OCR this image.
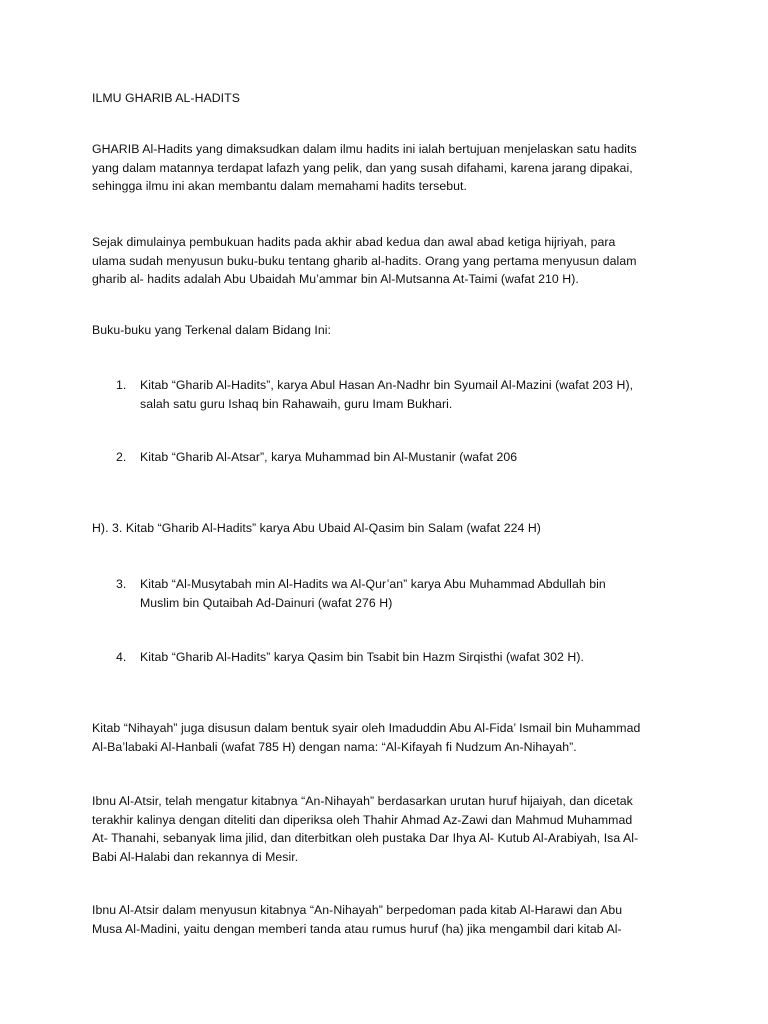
ILMU GHARIB AL-HADITS

GHARIB Al-Hadits yang dimaksudkan dalam ilmu hadits ini ialah bertujuan menjelaskan satu hadits
yang dalam matannya terdapat lafazh yang pelik, dan yang susah difahami, karena jarang dipakai,
sehingga ilmu ini akan membantu dalam memahami hadits tersebut.

Sejak dimulainya pembukuan hadits pada akhir abad kedua dan awal abad ketiga hijriyah, para
ulama sudah menyusun buku-buku tentang gharib al-hadits. Orang yang pertama menyusun dalam
gharib al- hadits adalah Abu Ubaidah Mu’ammar bin Al-Mutsanna At-Taimi (wafat 210 H).

Buku-buku yang Terkenal dalam Bidang Ini:

1. Kitab “Gharib Al-Hadits”, karya Abul Hasan An-Nadhr bin Syumail Al-Mazini (wafat 203 H),
salah satu guru Ishaq bin Rahawaih, guru Imam Bukhari.

2. Kitab “Gharib Al-Atsar”, karya Muhammad bin Al-Mustanir (wafat 206

H). 3. Kitab “Gharib Al-Hadits” karya Abu Ubaid Al-Qasim bin Salam (wafat 224 H)

3. Kitab “Al-Musytabah min Al-Hadits wa Al-Qur’an” karya Abu Muhammad Abdullah bin
Muslim bin Qutaibah Ad-Dainuri (wafat 276 H)

4. Kitab “Gharib Al-Hadits” karya Qasim bin Tsabit bin Hazm Sirqisthi (wafat 302 H).

Kitab “Nihayah” juga disusun dalam bentuk syair oleh Imaduddin Abu Al-Fida’ Ismail bin Muhammad
Al-Ba’labaki Al-Hanbali (wafat 785 H) dengan nama: “Al-Kifayah fi Nudzum An-Nihayah”.

Ibnu Al-Atsir, telah mengatur kitabnya “An-Nihayah” berdasarkan urutan huruf hijaiyah, dan dicetak
terakhir kalinya dengan diteliti dan diperiksa oleh Thahir Ahmad Az-Zawi dan Mahmud Muhammad
At- Thanahi, sebanyak lima jilid, dan diterbitkan oleh pustaka Dar Ihya Al- Kutub Al-Arabiyah, Isa Al-
Babi Al-Halabi dan rekannya di Mesir.

Ibnu Al-Atsir dalam menyusun kitabnya “An-Nihayah” berpedoman pada kitab Al-Harawi dan Abu
Musa Al-Madini, yaitu dengan memberi tanda atau rumus huruf (ha) jika mengambil dari kitab Al-
